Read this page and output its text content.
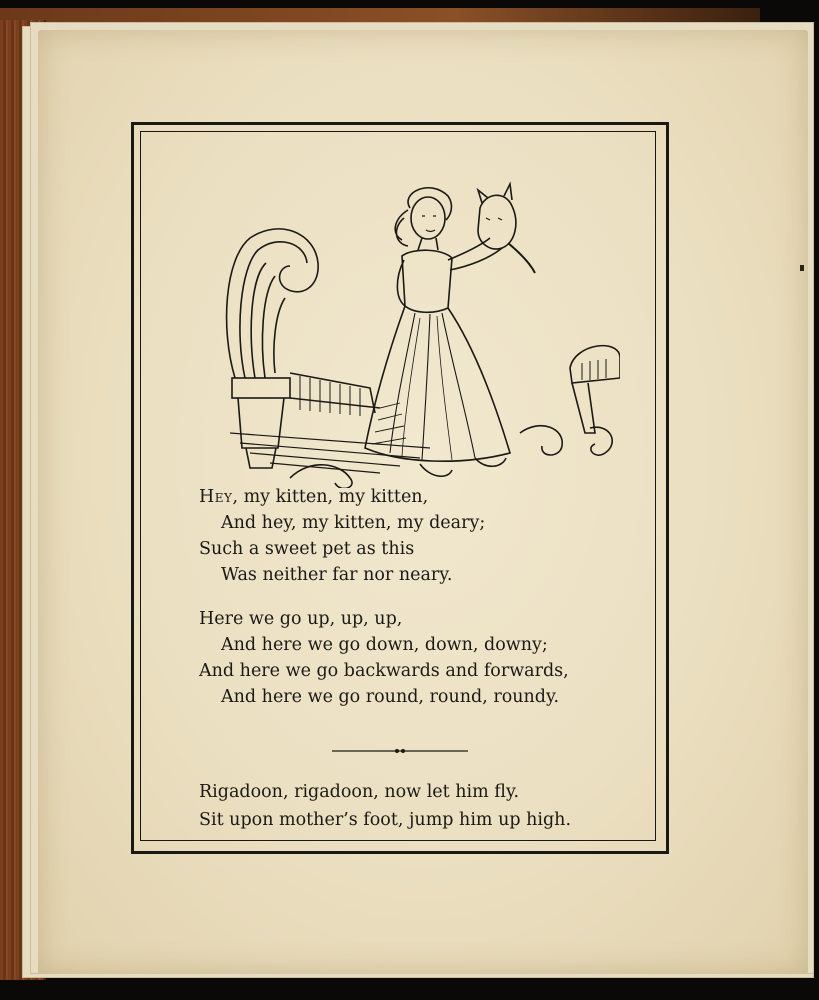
Hey, my kitten, my kitten,
And hey, my kitten, my deary;
Such a sweet pet as this
Was neither far nor neary.
Here we go up, up, up,
And here we go down, down, downy;
And here we go backwards and forwards,
And here we go round, round, roundy.
Rigadoon, rigadoon, now let him fly.
Sit upon mother’s foot, jump him up high.
